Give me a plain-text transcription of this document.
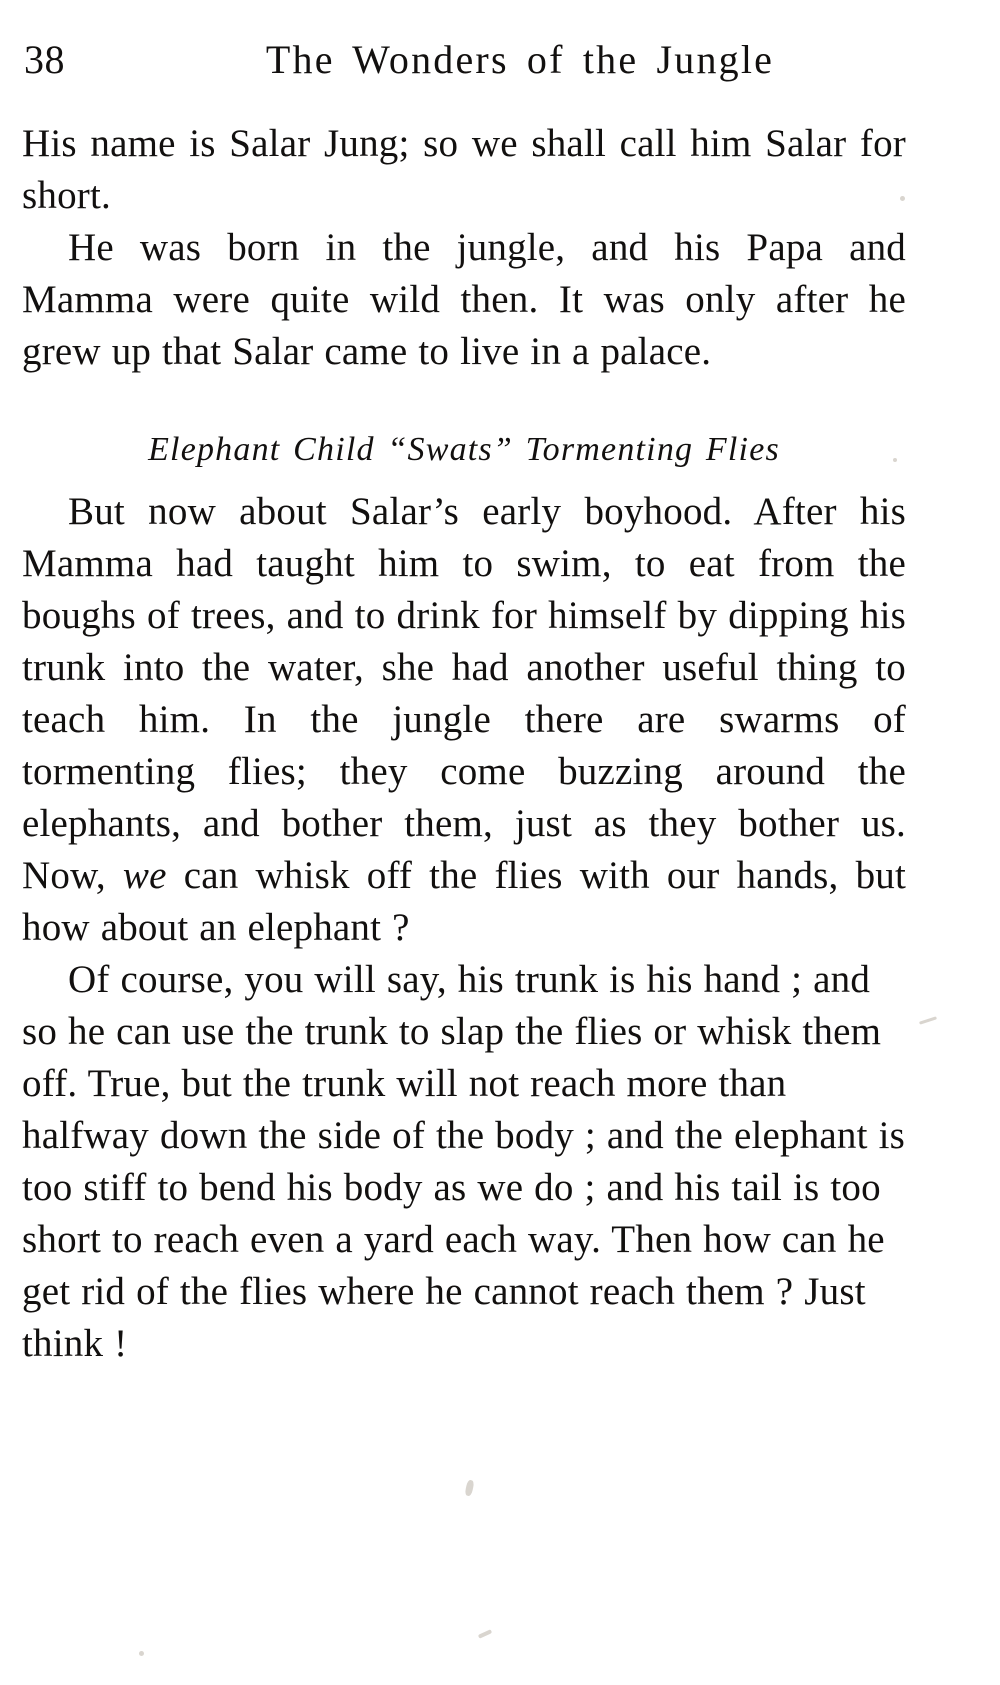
38	The Wonders of the Jungle

His name is Salar Jung; so we shall call him Salar for short.

He was born in the jungle, and his Papa and Mamma were quite wild then. It was only after he grew up that Salar came to live in a palace.

Elephant Child “Swats” Tormenting Flies

But now about Salar’s early boyhood. After his Mamma had taught him to swim, to eat from the boughs of trees, and to drink for himself by dipping his trunk into the water, she had another useful thing to teach him. In the jungle there are swarms of tormenting flies; they come buzzing around the elephants, and bother them, just as they bother us. Now, we can whisk off the flies with our hands, but how about an elephant ?

Of course, you will say, his trunk is his hand ; and so he can use the trunk to slap the flies or whisk them off. True, but the trunk will not reach more than halfway down the side of the body ; and the elephant is too stiff to bend his body as we do ; and his tail is too short to reach even a yard each way. Then how can he get rid of the flies where he cannot reach them ? Just think !
